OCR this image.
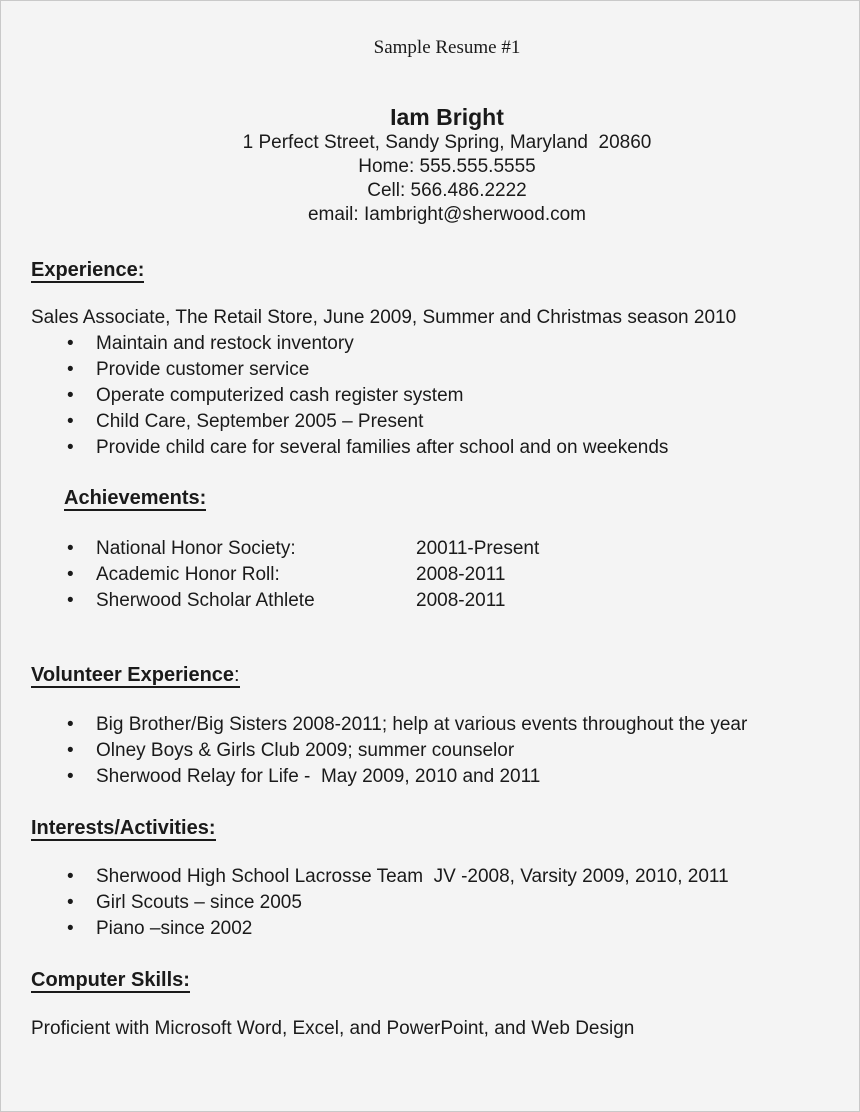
Sample Resume #1
Iam Bright
1 Perfect Street, Sandy Spring, Maryland  20860
Home: 555.555.5555
Cell: 566.486.2222
email: Iambright@sherwood.com
Experience:

Sales Associate, The Retail Store, June 2009, Summer and Christmas season 2010

•	Maintain and restock inventory
•	Provide customer service
•	Operate computerized cash register system
•	Child Care, September 2005 – Present
•	Provide child care for several families after school and on weekends
Achievements:
•	National Honor Society:	20011-Present
•	Academic Honor Roll:	2008-2011
•	Sherwood Scholar Athlete	2008-2011
Volunteer Experience:
•	Big Brother/Big Sisters 2008-2011; help at various events throughout the year
•	Olney Boys & Girls Club 2009; summer counselor
•	Sherwood Relay for Life -  May 2009, 2010 and 2011
Interests/Activities:
•	Sherwood High School Lacrosse Team  JV -2008, Varsity 2009, 2010, 2011
•	Girl Scouts – since 2005
•	Piano –since 2002
Computer Skills:

Proficient with Microsoft Word, Excel, and PowerPoint, and Web Design
